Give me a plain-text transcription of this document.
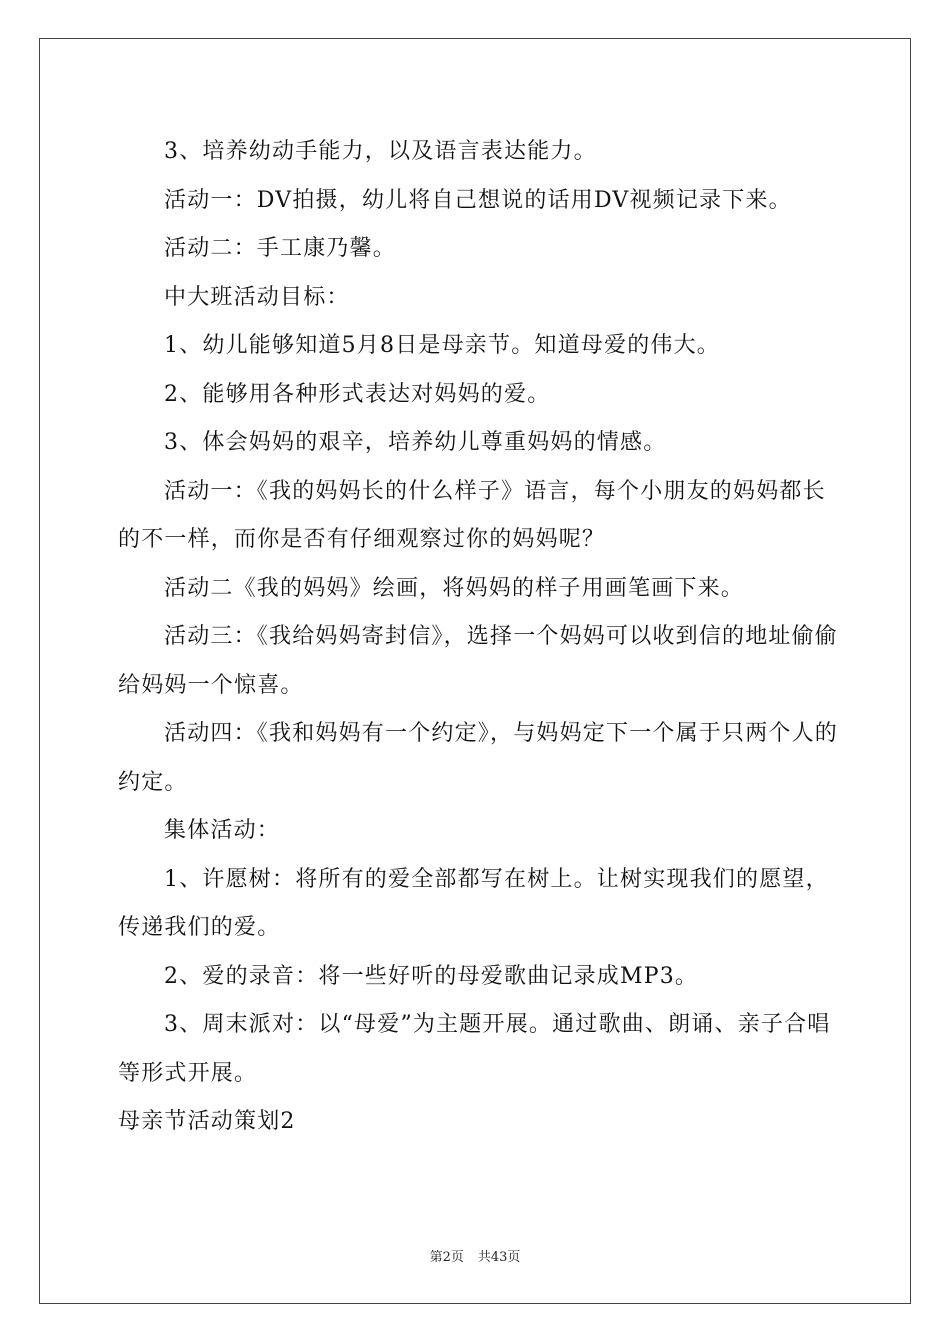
3、培养幼动手能力，以及语言表达能力。

活动一：DV拍摄，幼儿将自己想说的话用DV视频记录下来。

活动二：手工康乃馨。

中大班活动目标：

1、幼儿能够知道5月8日是母亲节。知道母爱的伟大。

2、能够用各种形式表达对妈妈的爱。

3、体会妈妈的艰辛，培养幼儿尊重妈妈的情感。

活动一：《我的妈妈长的什么样子》语言，每个小朋友的妈妈都长的不一样，而你是否有仔细观察过你的妈妈呢？

活动二《我的妈妈》绘画，将妈妈的样子用画笔画下来。

活动三：《我给妈妈寄封信》，选择一个妈妈可以收到信的地址偷偷给妈妈一个惊喜。

活动四：《我和妈妈有一个约定》，与妈妈定下一个属于只两个人的约定。

集体活动：

1、许愿树：将所有的爱全部都写在树上。让树实现我们的愿望，传递我们的爱。

2、爱的录音：将一些好听的母爱歌曲记录成MP3。

3、周末派对：以“母爱”为主题开展。通过歌曲、朗诵、亲子合唱等形式开展。

母亲节活动策划2

第2页 共43页
